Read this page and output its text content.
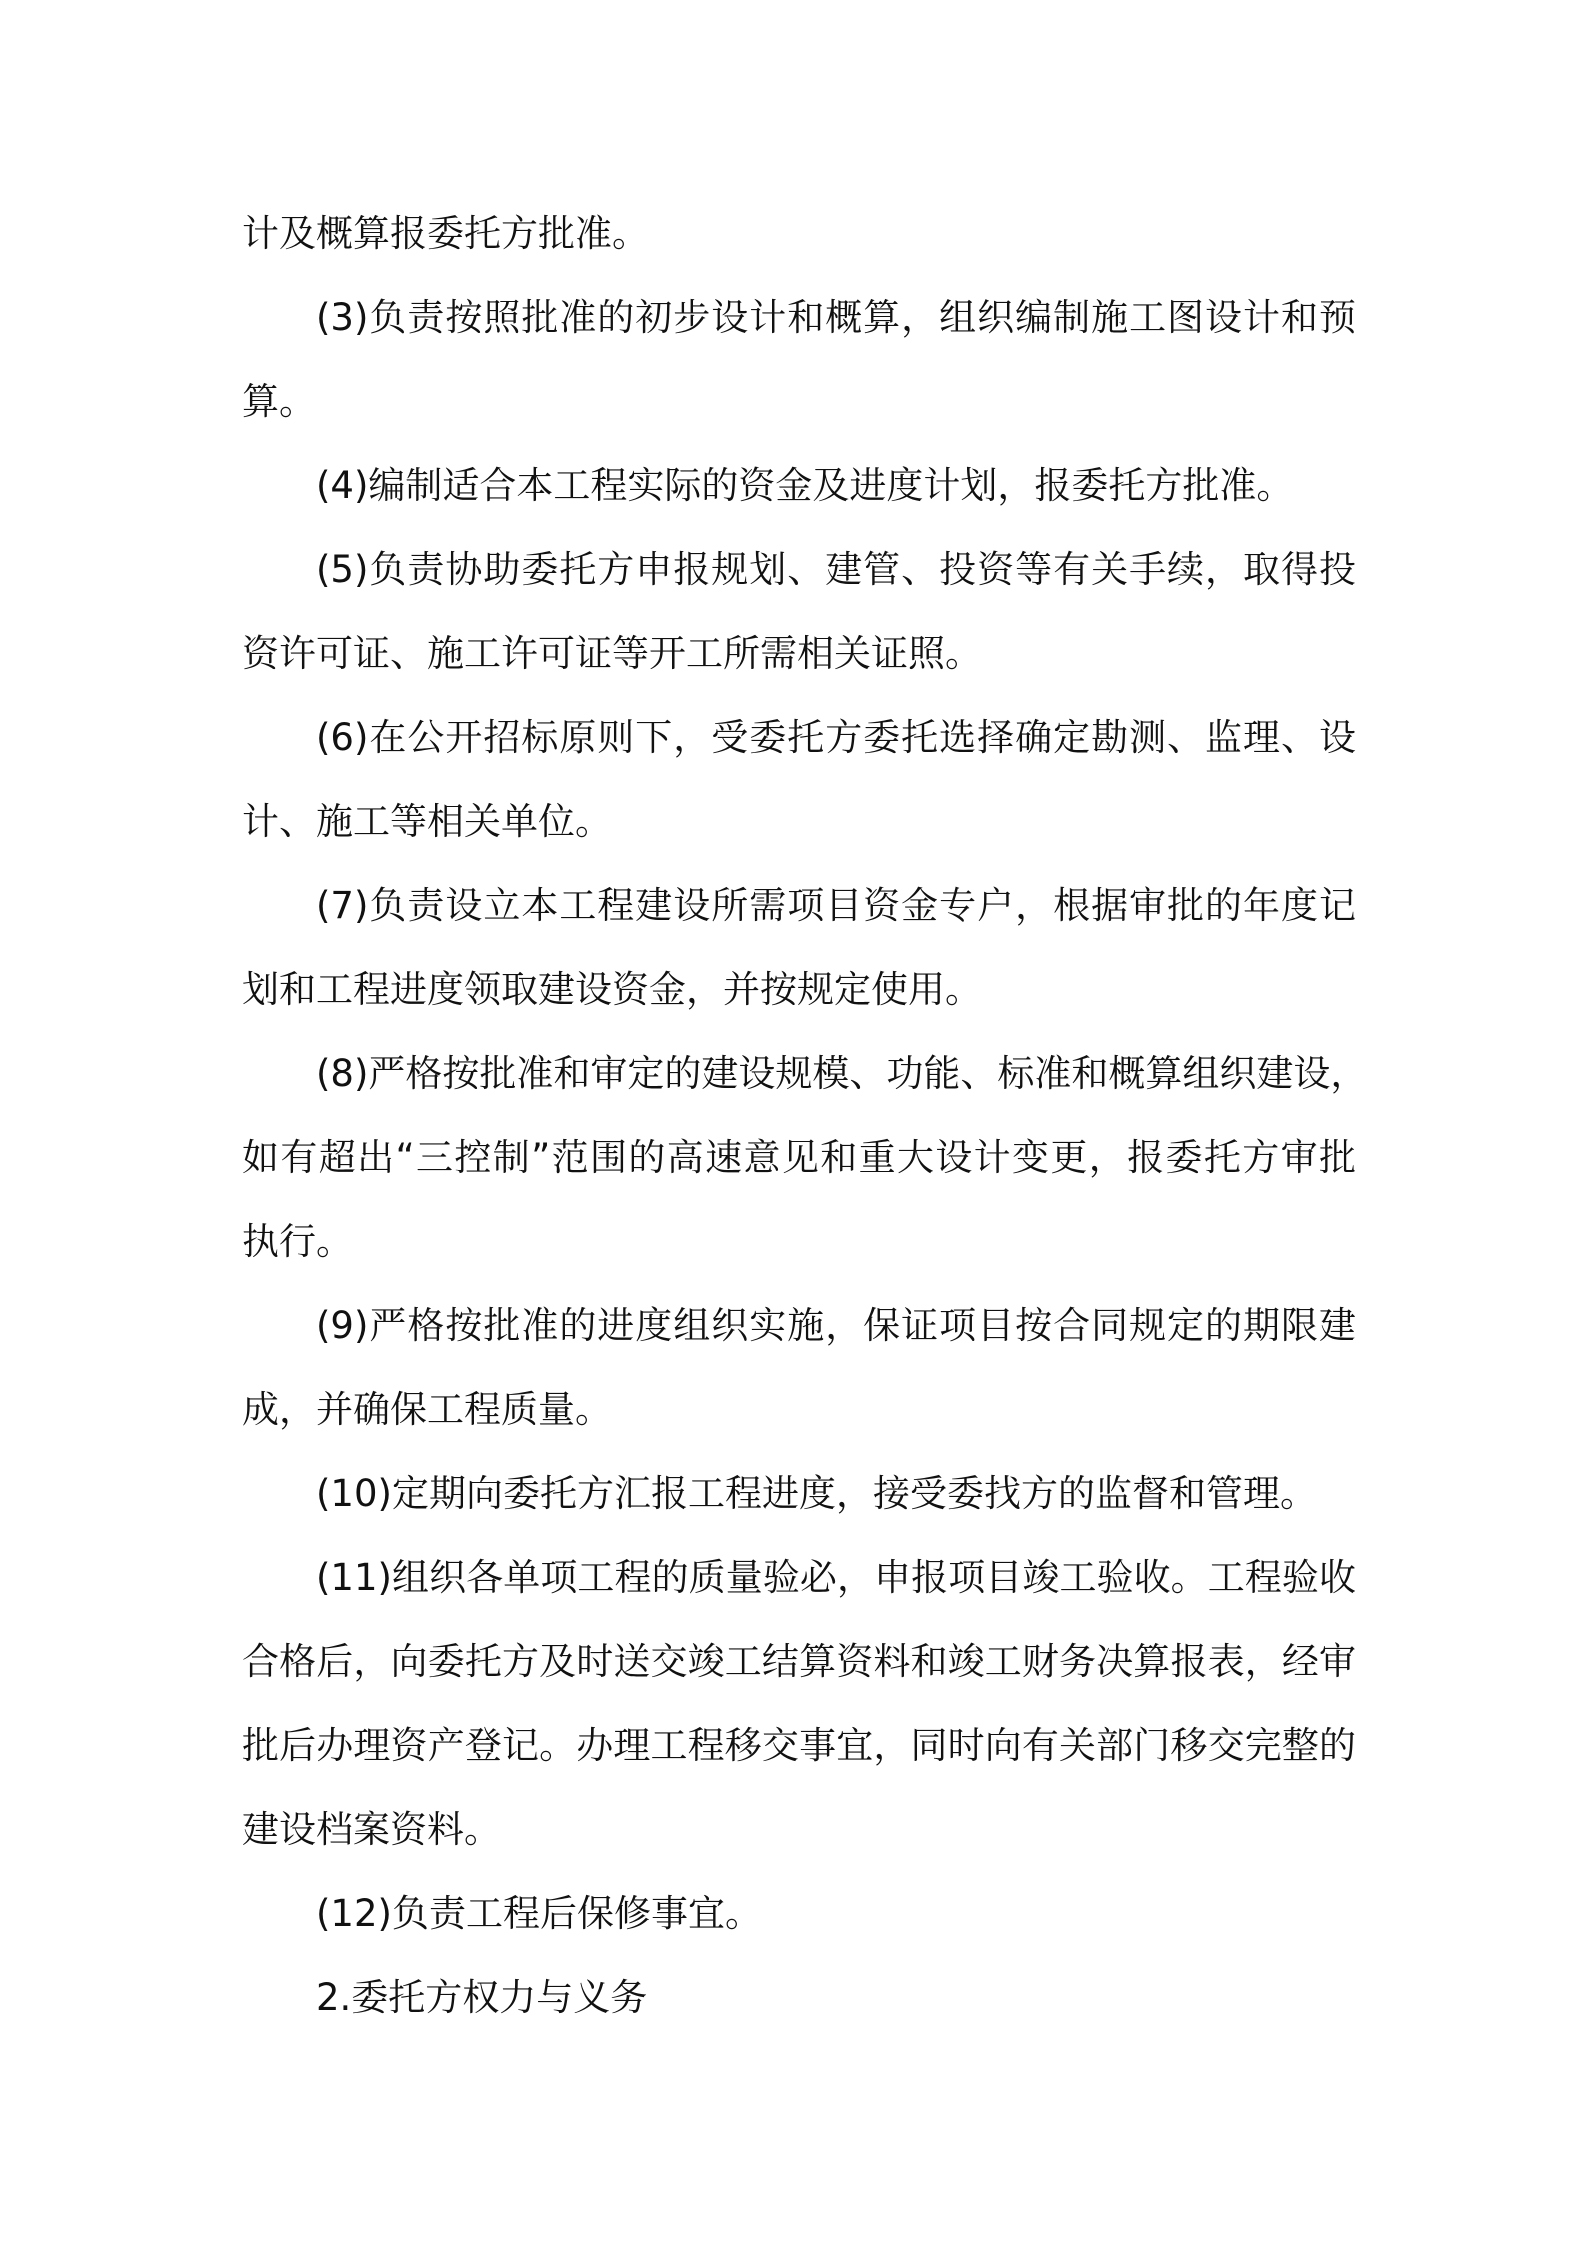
计及概算报委托方批准。
(3)负责按照批准的初步设计和概算，组织编制施工图设计和预
算。
(4)编制适合本工程实际的资金及进度计划，报委托方批准。
(5)负责协助委托方申报规划、建管、投资等有关手续，取得投
资许可证、施工许可证等开工所需相关证照。
(6)在公开招标原则下，受委托方委托选择确定勘测、监理、设
计、施工等相关单位。
(7)负责设立本工程建设所需项目资金专户，根据审批的年度记
划和工程进度领取建设资金，并按规定使用。
(8)严格按批准和审定的建设规模、功能、标准和概算组织建设，
如有超出“三控制”范围的高速意见和重大设计变更，报委托方审批
执行。
(9)严格按批准的进度组织实施，保证项目按合同规定的期限建
成，并确保工程质量。
(10)定期向委托方汇报工程进度，接受委找方的监督和管理。
(11)组织各单项工程的质量验必，申报项目竣工验收。工程验收
合格后，向委托方及时送交竣工结算资料和竣工财务决算报表，经审
批后办理资产登记。办理工程移交事宜，同时向有关部门移交完整的
建设档案资料。
(12)负责工程后保修事宜。
2.委托方权力与义务
